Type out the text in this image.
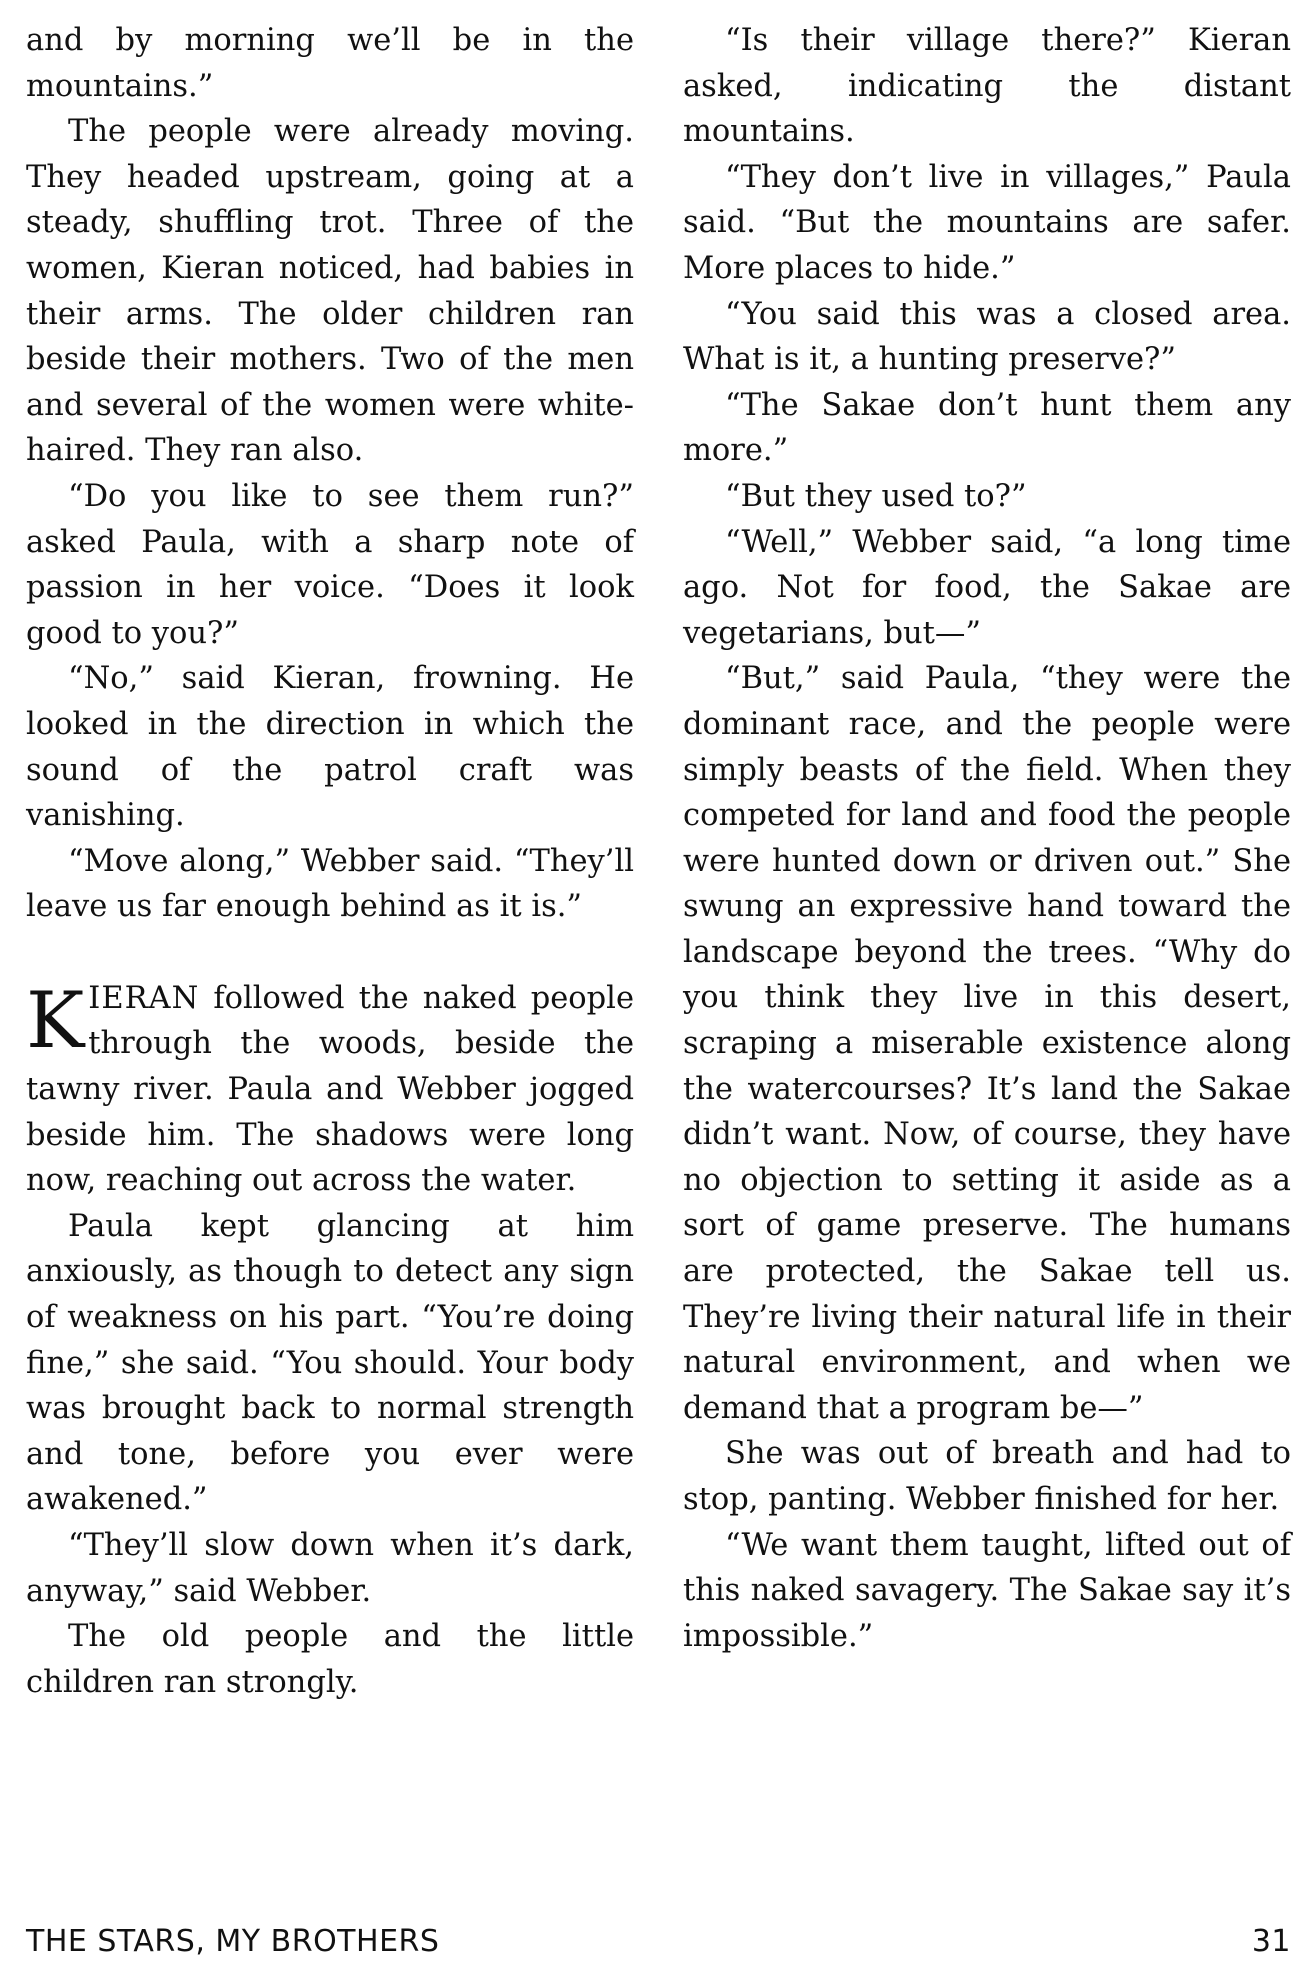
and by morning we’ll be in the mountains.”

The people were already moving. They headed upstream, going at a steady, shuffling trot. Three of the women, Kieran noticed, had babies in their arms. The older children ran beside their mothers. Two of the men and several of the women were white-haired. They ran also.

“Do you like to see them run?” asked Paula, with a sharp note of passion in her voice. “Does it look good to you?”

“No,” said Kieran, frowning. He looked in the direction in which the sound of the patrol craft was vanishing.

“Move along,” Webber said. “They’ll leave us far enough behind as it is.”

KIERAN followed the naked people through the woods, beside the tawny river. Paula and Webber jogged beside him. The shadows were long now, reaching out across the water.

Paula kept glancing at him anxiously, as though to detect any sign of weakness on his part. “You’re doing fine,” she said. “You should. Your body was brought back to normal strength and tone, before you ever were awakened.”

“They’ll slow down when it’s dark, anyway,” said Webber.

The old people and the little children ran strongly.

“Is their village there?” Kieran asked, indicating the distant mountains.

“They don’t live in villages,” Paula said. “But the mountains are safer. More places to hide.”

“You said this was a closed area. What is it, a hunting preserve?”

“The Sakae don’t hunt them any more.”

“But they used to?”

“Well,” Webber said, “a long time ago. Not for food, the Sakae are vegetarians, but—”

“But,” said Paula, “they were the dominant race, and the people were simply beasts of the field. When they competed for land and food the people were hunted down or driven out.” She swung an expressive hand toward the landscape beyond the trees. “Why do you think they live in this desert, scraping a miserable existence along the watercourses? It’s land the Sakae didn’t want. Now, of course, they have no objection to setting it aside as a sort of game preserve. The humans are protected, the Sakae tell us. They’re living their natural life in their natural environment, and when we demand that a program be—”

She was out of breath and had to stop, panting. Webber finished for her.

“We want them taught, lifted out of this naked savagery. The Sakae say it’s impossible.”

THE STARS, MY BROTHERS	31
